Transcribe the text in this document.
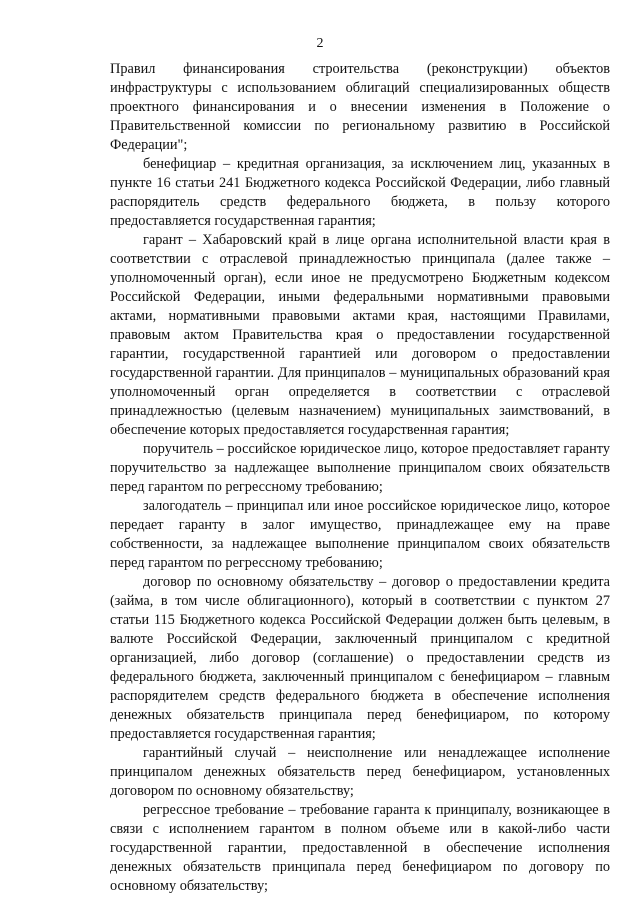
2

Правил финансирования строительства (реконструкции) объектов инфраструктуры с использованием облигаций специализированных обществ проектного финансирования и о внесении изменения в Положение о Правительственной комиссии по региональному развитию в Российской Федерации";

бенефициар – кредитная организация, за исключением лиц, указанных в пункте 16 статьи 241 Бюджетного кодекса Российской Федерации, либо главный распорядитель средств федерального бюджета, в пользу которого предоставляется государственная гарантия;

гарант – Хабаровский край в лице органа исполнительной власти края в соответствии с отраслевой принадлежностью принципала (далее также – уполномоченный орган), если иное не предусмотрено Бюджетным кодексом Российской Федерации, иными федеральными нормативными правовыми актами, нормативными правовыми актами края, настоящими Правилами, правовым актом Правительства края о предоставлении государственной гарантии, государственной гарантией или договором о предоставлении государственной гарантии. Для принципалов – муниципальных образований края уполномоченный орган определяется в соответствии с отраслевой принадлежностью (целевым назначением) муниципальных заимствований, в обеспечение которых предоставляется государственная гарантия;

поручитель – российское юридическое лицо, которое предоставляет гаранту поручительство за надлежащее выполнение принципалом своих обязательств перед гарантом по регрессному требованию;

залогодатель – принципал или иное российское юридическое лицо, которое передает гаранту в залог имущество, принадлежащее ему на праве собственности, за надлежащее выполнение принципалом своих обязательств перед гарантом по регрессному требованию;

договор по основному обязательству – договор о предоставлении кредита (займа, в том числе облигационного), который в соответствии с пунктом 27 статьи 115 Бюджетного кодекса Российской Федерации должен быть целевым, в валюте Российской Федерации, заключенный принципалом с кредитной организацией, либо договор (соглашение) о предоставлении средств из федерального бюджета, заключенный принципалом с бенефициаром – главным распорядителем средств федерального бюджета в обеспечение исполнения денежных обязательств принципала перед бенефициаром, по которому предоставляется государственная гарантия;

гарантийный случай – неисполнение или ненадлежащее исполнение принципалом денежных обязательств перед бенефициаром, установленных договором по основному обязательству;

регрессное требование – требование гаранта к принципалу, возникающее в связи с исполнением гарантом в полном объеме или в какой-либо части государственной гарантии, предоставленной в обеспечение исполнения денежных обязательств принципала перед бенефициаром по договору по основному обязательству;
